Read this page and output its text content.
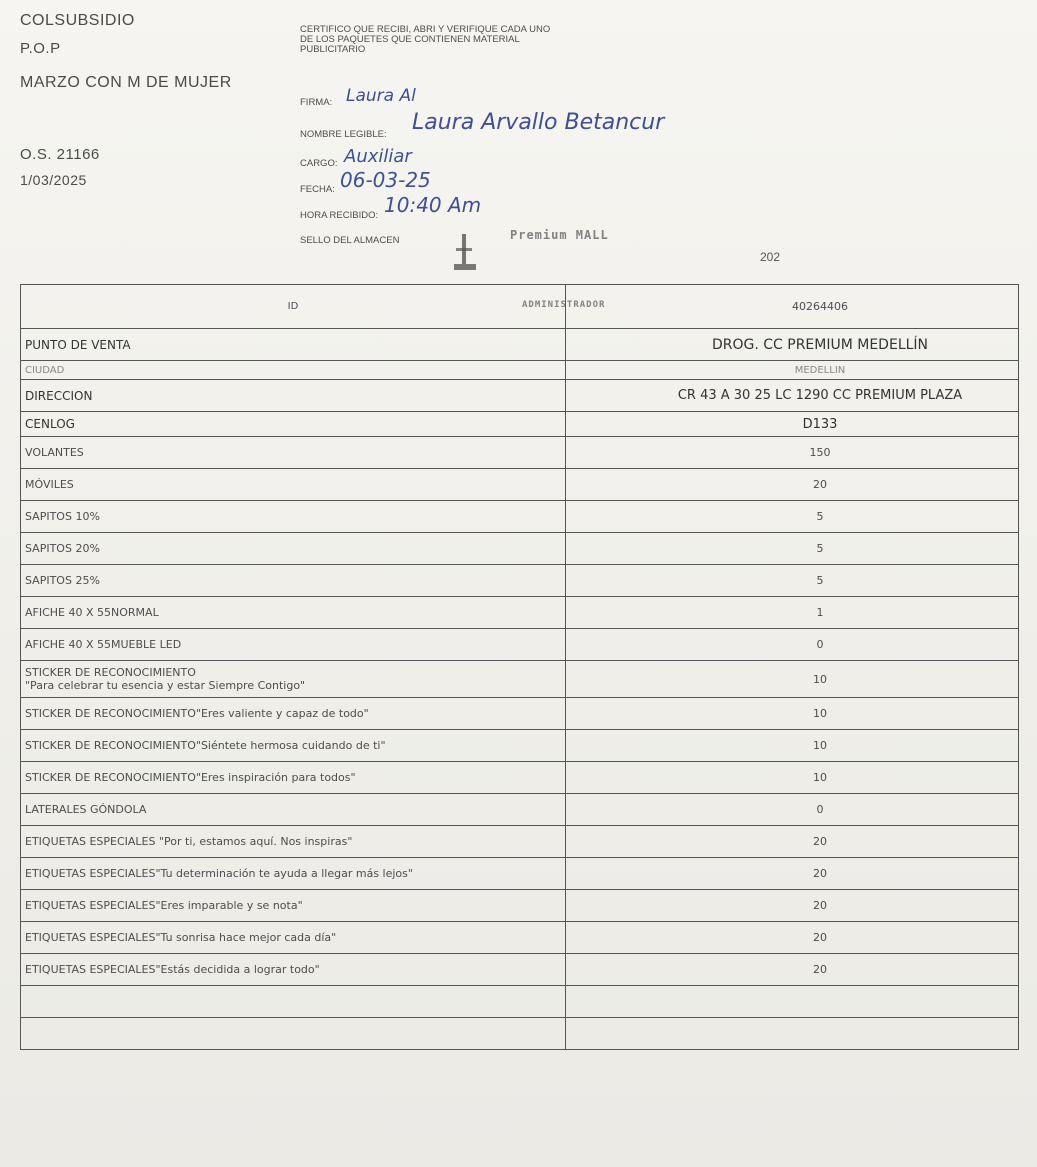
COLSUBSIDIO
P.O.P
MARZO CON M DE MUJER
O.S. 21166
1/03/2025
CERTIFICO QUE RECIBI, ABRI Y VERIFIQUE CADA UNO DE LOS PAQUETES QUE CONTIENEN MATERIAL PUBLICITARIO
FIRMA: Laura Al
NOMBRE LEGIBLE: Laura Arvallo Betancur
CARGO: Auxiliar
FECHA: 06-03-25
HORA RECIBIDO: 10:40 Am
SELLO DEL ALMACEN	Premium MALL
ADMINISTRADOR
202
ID	40264406
PUNTO DE VENTA	DROG. CC PREMIUM MEDELLÍN
CIUDAD	MEDELLIN
DIRECCION	CR 43 A 30 25 LC 1290 CC PREMIUM PLAZA
CENLOG	D133
VOLANTES	150
MÓVILES	20
SAPITOS 10%	5
SAPITOS 20%	5
SAPITOS 25%	5
AFICHE 40 X 55NORMAL	1
AFICHE 40 X 55MUEBLE LED	0
STICKER DE RECONOCIMIENTO
"Para celebrar tu esencia y estar Siempre Contigo"	10
STICKER DE RECONOCIMIENTO"Eres valiente y capaz de todo"	10
STICKER DE RECONOCIMIENTO"Siéntete hermosa cuidando de ti"	10
STICKER DE RECONOCIMIENTO"Eres inspiración para todos"	10
LATERALES GÓNDOLA	0
ETIQUETAS ESPECIALES "Por ti, estamos aquí. Nos inspiras"	20
ETIQUETAS ESPECIALES"Tu determinación te ayuda a llegar más lejos"	20
ETIQUETAS ESPECIALES"Eres imparable y se nota"	20
ETIQUETAS ESPECIALES"Tu sonrisa hace mejor cada día"	20
ETIQUETAS ESPECIALES"Estás decidida a lograr todo"	20
